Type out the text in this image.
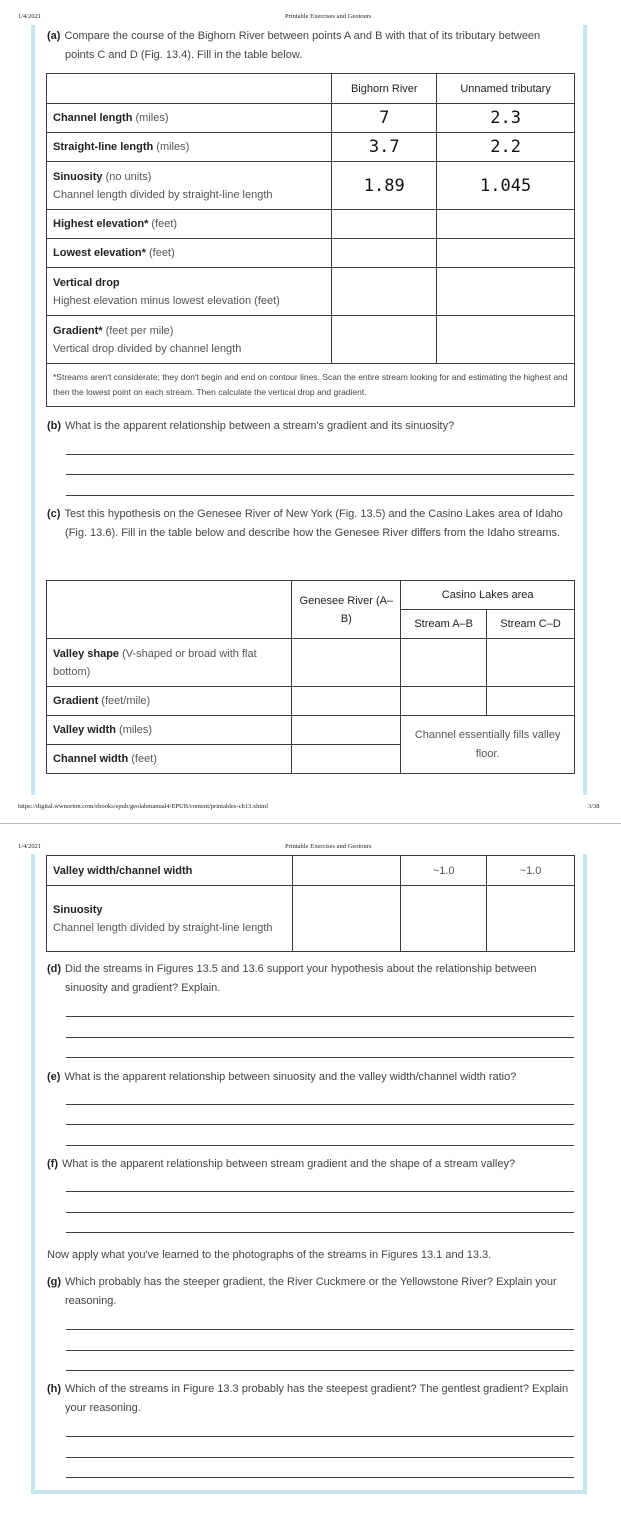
1/4/2021	Printable Exercises and Geotours
(a) Compare the course of the Bighorn River between points A and B with that of its tributary between points C and D (Fig. 13.4). Fill in the table below.
	Bighorn River	Unnamed tributary
Channel length (miles)	7	2.3
Straight-line length (miles)	3.7	2.2
Sinuosity (no units)
Channel length divided by straight-line length	1.89	1.045
Highest elevation* (feet)		
Lowest elevation* (feet)		
Vertical drop
Highest elevation minus lowest elevation (feet)		
Gradient* (feet per mile)
Vertical drop divided by channel length		
*Streams aren't considerate; they don't begin and end on contour lines. Scan the entire stream looking for and estimating the highest and then the lowest point on each stream. Then calculate the vertical drop and gradient.		
(b) What is the apparent relationship between a stream's gradient and its sinuosity?
(c) Test this hypothesis on the Genesee River of New York (Fig. 13.5) and the Casino Lakes area of Idaho (Fig. 13.6). Fill in the table below and describe how the Genesee River differs from the Idaho streams.
	Genesee River (A–B)	Casino Lakes area	
		Stream A–B	Stream C–D
Valley shape (V-shaped or broad with flat bottom)			
Gradient (feet/mile)			
Valley width (miles)		Channel essentially fills valley floor.	
Channel width (feet)			
https://digital.wwnorton.com/ebooks/epub/geolabmanual4/EPUB/content/printables-ch13.xhtml	3/38
1/4/2021	Printable Exercises and Geotours
Valley width/channel width		~1.0	~1.0
Sinuosity
Channel length divided by straight-line length			
(d) Did the streams in Figures 13.5 and 13.6 support your hypothesis about the relationship between sinuosity and gradient? Explain.
(e) What is the apparent relationship between sinuosity and the valley width/channel width ratio?
(f) What is the apparent relationship between stream gradient and the shape of a stream valley?
Now apply what you've learned to the photographs of the streams in Figures 13.1 and 13.3.
(g) Which probably has the steeper gradient, the River Cuckmere or the Yellowstone River? Explain your reasoning.
(h) Which of the streams in Figure 13.3 probably has the steepest gradient? The gentlest gradient? Explain your reasoning.
